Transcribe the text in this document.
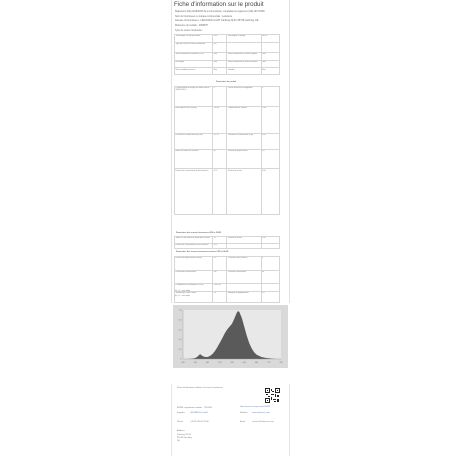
Fiche d'information sur le produit
Règlement (UE) 2019/2015 de la Commission, complétant le règlement (UE) 2017/1369
Nom du fournisseur ou marque commerciale : Ledvance
Adresse du fournisseur : LEDVANCE GmbH, Parkring 29-33, 85748 Garching, DE
Référence du modèle : 4058075
Type de source lumineuse :
Technologie d'éclairage utilisée	LED	Non dirigée ou dirigée	NDLS
Type de culot de la source lumineuse	E27		
Source lumineuse connectée (CLS)	Non	Source lumineuse à couleur réglable	Non
Enveloppe	Non	Source lumineuse à haute luminance	Non
Écran antiéblouissement	Non	Variable	Non
Paramètres du produit
Consommation d'énergie en mode marche (kWh/1000 h)	5	Classe d'efficacité énergétique	F
Flux lumineux utile (Φutile)	470 lm	Température de couleur	2700
Puissance en mode marche (Pon)	4,5 W	Puissance en mode veille (Psb)	0,00
Indice de rendu des couleurs	80	Facteur de déplacement	0,5
Facteur de conservation du flux lumineux	0,70	Facteur de survie	0,90
Paramètres des sources lumineuses LED et OLED
Valeur R9 de l'indice de rendu des couleurs	15	Facteur de survie	0,90
Facteur de conservation du flux lumineux	0,70		
Paramètres des sources lumineuses secteur LED et OLED
Facteur de déplacement (cos φ1)	0,5	Constance des couleurs	6
Déclaration d'équivalence	Oui	Puissance équivalente	40
Coordonnées chromatiques (x et y)	0,46 0,41		
Stroboscopic effect metric	0,4	Métrique de papillotement	1,0
(a) «-» : sans objet
(b) «-» : sans objet
380	430	480	530	580	630	680	730	780
1,0
0,8
0,6
0,4
0,2
0
Fiche d'information relative à la source lumineuse
https://eprel.ec.europa.eu/qr/1142896
EPREL registration number 1142896
Supplier	LEDVANCE GmbH	Website www.ledvance.com
Phone	+49 89 780 673 100	Email	contact@ledvance.com
Address
Parkring 29-33
85748 Garching
DE
